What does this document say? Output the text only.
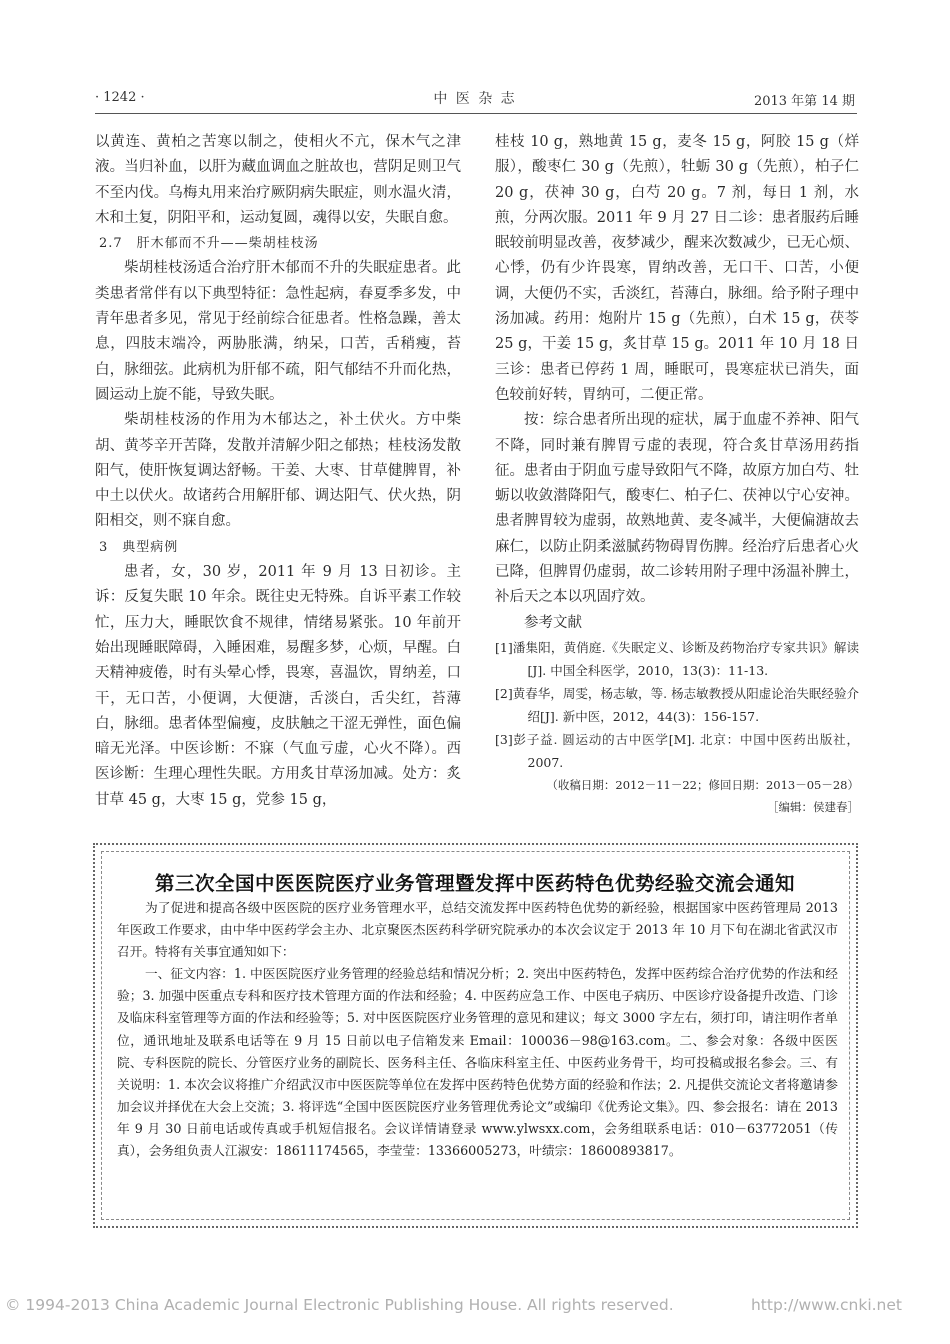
· 1242 ·	中 医 杂 志	2013 年第 14 期

以黄连、黄柏之苦寒以制之，使相火不亢，保木气之津液。当归补血，以肝为藏血调血之脏故也，营阴足则卫气不至内伐。乌梅丸用来治疗厥阴病失眠症，则水温火清，木和土复，阴阳平和，运动复圆，魂得以安，失眠自愈。

2.7　肝木郁而不升——柴胡桂枝汤

柴胡桂枝汤适合治疗肝木郁而不升的失眠症患者。此类患者常伴有以下典型特征：急性起病，春夏季多发，中青年患者多见，常见于经前综合征患者。性格急躁，善太息，四肢末端冷，两胁胀满，纳呆，口苦，舌稍瘦，苔白，脉细弦。此病机为肝郁不疏，阳气郁结不升而化热，圆运动上旋不能，导致失眠。

柴胡桂枝汤的作用为木郁达之，补土伏火。方中柴胡、黄芩辛开苦降，发散并清解少阳之郁热；桂枝汤发散阳气，使肝恢复调达舒畅。干姜、大枣、甘草健脾胃，补中土以伏火。故诸药合用解肝郁、调达阳气、伏火热，阴阳相交，则不寐自愈。

3　典型病例

患者，女，30 岁，2011 年 9 月 13 日初诊。主诉：反复失眠 10 年余。既往史无特殊。自诉平素工作较忙，压力大，睡眠饮食不规律，情绪易紧张。10 年前开始出现睡眠障碍，入睡困难，易醒多梦，心烦，早醒。白天精神疲倦，时有头晕心悸，畏寒，喜温饮，胃纳差，口干，无口苦，小便调，大便溏，舌淡白，舌尖红，苔薄白，脉细。患者体型偏瘦，皮肤触之干涩无弹性，面色偏暗无光泽。中医诊断：不寐（气血亏虚，心火不降）。西医诊断：生理心理性失眠。方用炙甘草汤加减。处方：炙甘草 45 g，大枣 15 g，党参 15 g，

桂枝 10 g，熟地黄 15 g，麦冬 15 g，阿胶 15 g（烊服），酸枣仁 30 g（先煎），牡蛎 30 g（先煎），柏子仁 20 g，茯神 30 g，白芍 20 g。7 剂，每日 1 剂，水煎，分两次服。2011 年 9 月 27 日二诊：患者服药后睡眠较前明显改善，夜梦减少，醒来次数减少，已无心烦、心悸，仍有少许畏寒，胃纳改善，无口干、口苦，小便调，大便仍不实，舌淡红，苔薄白，脉细。给予附子理中汤加减。药用：炮附片 15 g（先煎），白术 15 g，茯苓 25 g，干姜 15 g，炙甘草 15 g。2011 年 10 月 18 日三诊：患者已停药 1 周，睡眠可，畏寒症状已消失，面色较前好转，胃纳可，二便正常。

按：综合患者所出现的症状，属于血虚不养神、阳气不降，同时兼有脾胃亏虚的表现，符合炙甘草汤用药指征。患者由于阴血亏虚导致阳气不降，故原方加白芍、牡蛎以收敛潜降阳气，酸枣仁、柏子仁、茯神以宁心安神。患者脾胃较为虚弱，故熟地黄、麦冬减半，大便偏溏故去麻仁，以防止阴柔滋腻药物碍胃伤脾。经治疗后患者心火已降，但脾胃仍虚弱，故二诊转用附子理中汤温补脾土，补后天之本以巩固疗效。

参考文献

[1]潘集阳，黄俏庭.《失眠定义、诊断及药物治疗专家共识》解读[J]. 中国全科医学，2010，13(3)：11-13.

[2]黄春华，周雯，杨志敏，等. 杨志敏教授从阳虚论治失眠经验介绍[J]. 新中医，2012，44(3)：156-157.

[3]彭子益. 圆运动的古中医学[M]. 北京：中国中医药出版社，2007.

（收稿日期：2012－11－22；修回日期：2013－05－28）

［编辑：侯建春］

第三次全国中医医院医疗业务管理暨发挥中医药特色优势经验交流会通知

为了促进和提高各级中医医院的医疗业务管理水平，总结交流发挥中医药特色优势的新经验，根据国家中医药管理局 2013 年医政工作要求，由中华中医药学会主办、北京聚医杰医药科学研究院承办的本次会议定于 2013 年 10 月下旬在湖北省武汉市召开。特将有关事宜通知如下：

一、征文内容：1. 中医医院医疗业务管理的经验总结和情况分析；2. 突出中医药特色，发挥中医药综合治疗优势的作法和经验；3. 加强中医重点专科和医疗技术管理方面的作法和经验；4. 中医药应急工作、中医电子病历、中医诊疗设备提升改造、门诊及临床科室管理等方面的作法和经验等；5. 对中医医院医疗业务管理的意见和建议；每文 3000 字左右，须打印，请注明作者单位，通讯地址及联系电话等在 9 月 15 日前以电子信箱发来 Email：100036－98@163.com。二、参会对象：各级中医医院、专科医院的院长、分管医疗业务的副院长、医务科主任、各临床科室主任、中医药业务骨干，均可投稿或报名参会。三、有关说明：1. 本次会议将推广介绍武汉市中医医院等单位在发挥中医药特色优势方面的经验和作法；2. 凡提供交流论文者将邀请参加会议并择优在大会上交流；3. 将评选“全国中医医院医疗业务管理优秀论文”或编印《优秀论文集》。四、参会报名：请在 2013 年 9 月 30 日前电话或传真或手机短信报名。会议详情请登录 www.ylwsxx.com，会务组联系电话：010－63772051（传真），会务组负责人江淑安：18611174565，李莹莹：13366005273，叶绩宗：18600893817。

© 1994-2013 China Academic Journal Electronic Publishing House. All rights reserved.	http://www.cnki.net
